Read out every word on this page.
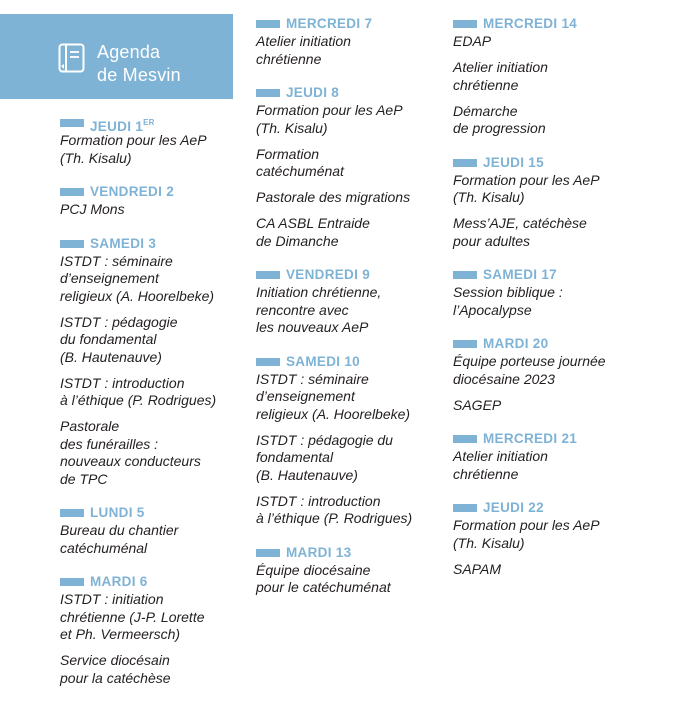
Agenda
de Mesvin
JEUDI 1ER
Formation pour les AeP
(Th. Kisalu)
VENDREDI 2
PCJ Mons
SAMEDI 3
ISTDT : séminaire
d’enseignement
religieux (A. Hoorelbeke)
ISTDT : pédagogie
du fondamental
(B. Hautenauve)
ISTDT : introduction
à l’éthique (P. Rodrigues)
Pastorale
des funérailles :
nouveaux conducteurs
de TPC
LUNDI 5
Bureau du chantier
catéchuménal
MARDI 6
ISTDT : initiation
chrétienne (J-P. Lorette
et Ph. Vermeersch)
Service diocésain
pour la catéchèse
MERCREDI 7
Atelier initiation
chrétienne
JEUDI 8
Formation pour les AeP
(Th. Kisalu)
Formation
catéchuménat
Pastorale des migrations
CA ASBL Entraide
de Dimanche
VENDREDI 9
Initiation chrétienne,
rencontre avec
les nouveaux AeP
SAMEDI 10
ISTDT : séminaire
d’enseignement
religieux (A. Hoorelbeke)
ISTDT : pédagogie du
fondamental
(B. Hautenauve)
ISTDT : introduction
à l’éthique (P. Rodrigues)
MARDI 13
Équipe diocésaine
pour le catéchuménat
MERCREDI 14
EDAP
Atelier initiation
chrétienne
Démarche
de progression
JEUDI 15
Formation pour les AeP
(Th. Kisalu)
Mess’AJE, catéchèse
pour adultes
SAMEDI 17
Session biblique :
l’Apocalypse
MARDI 20
Équipe porteuse journée
diocésaine 2023
SAGEP
MERCREDI 21
Atelier initiation
chrétienne
JEUDI 22
Formation pour les AeP
(Th. Kisalu)
SAPAM
